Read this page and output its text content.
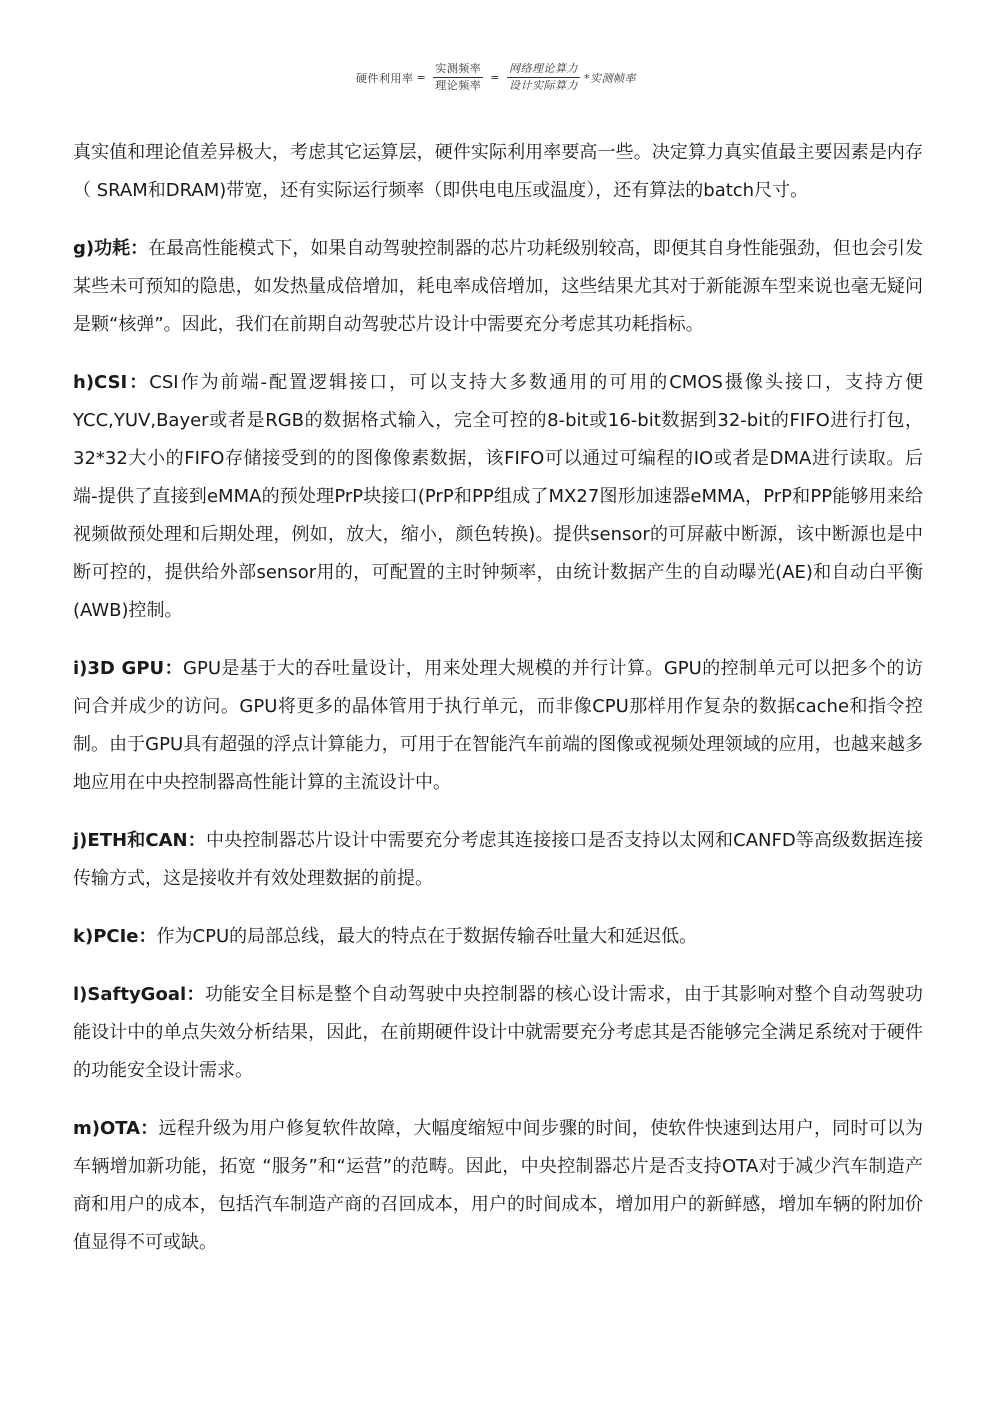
硬件利用率 = $\frac{\text{实测频率}}{\text{理论频率}} = \frac{\text{网络理论算力}}{\text{设计实际算力}}$ *实测帧率

真实值和理论值差异极大，考虑其它运算层，硬件实际利用率要高一些。决定算力真实值最主要因素是内存（ SRAM和DRAM)带宽，还有实际运行频率（即供电电压或温度），还有算法的batch尺寸。

g)功耗：在最高性能模式下，如果自动驾驶控制器的芯片功耗级别较高，即便其自身性能强劲，但也会引发某些未可预知的隐患，如发热量成倍增加，耗电率成倍增加，这些结果尤其对于新能源车型来说也毫无疑问是颗“核弹”。因此，我们在前期自动驾驶芯片设计中需要充分考虑其功耗指标。

h)CSI：CSI作为前端-配置逻辑接口，可以支持大多数通用的可用的CMOS摄像头接口，支持方便YCC,YUV,Bayer或者是RGB的数据格式输入，完全可控的8-bit或16-bit数据到32-bit的FIFO进行打包，32*32大小的FIFO存储接受到的的图像像素数据，该FIFO可以通过可编程的IO或者是DMA进行读取。后端-提供了直接到eMMA的预处理PrP块接口(PrP和PP组成了MX27图形加速器eMMA，PrP和PP能够用来给视频做预处理和后期处理，例如，放大，缩小，颜色转换)。提供sensor的可屏蔽中断源，该中断源也是中断可控的，提供给外部sensor用的，可配置的主时钟频率，由统计数据产生的自动曝光(AE)和自动白平衡(AWB)控制。

i)3D GPU：GPU是基于大的吞吐量设计，用来处理大规模的并行计算。GPU的控制单元可以把多个的访问合并成少的访问。GPU将更多的晶体管用于执行单元，而非像CPU那样用作复杂的数据cache和指令控制。由于GPU具有超强的浮点计算能力，可用于在智能汽车前端的图像或视频处理领域的应用，也越来越多地应用在中央控制器高性能计算的主流设计中。

j)ETH和CAN：中央控制器芯片设计中需要充分考虑其连接接口是否支持以太网和CANFD等高级数据连接传输方式，这是接收并有效处理数据的前提。

k)PCIe：作为CPU的局部总线，最大的特点在于数据传输吞吐量大和延迟低。

l)SaftyGoal：功能安全目标是整个自动驾驶中央控制器的核心设计需求，由于其影响对整个自动驾驶功能设计中的单点失效分析结果，因此，在前期硬件设计中就需要充分考虑其是否能够完全满足系统对于硬件的功能安全设计需求。

m)OTA：远程升级为用户修复软件故障，大幅度缩短中间步骤的时间，使软件快速到达用户，同时可以为车辆增加新功能，拓宽 “服务”和“运营”的范畴。因此，中央控制器芯片是否支持OTA对于减少汽车制造产商和用户的成本，包括汽车制造产商的召回成本，用户的时间成本，增加用户的新鲜感，增加车辆的附加价值显得不可或缺。
